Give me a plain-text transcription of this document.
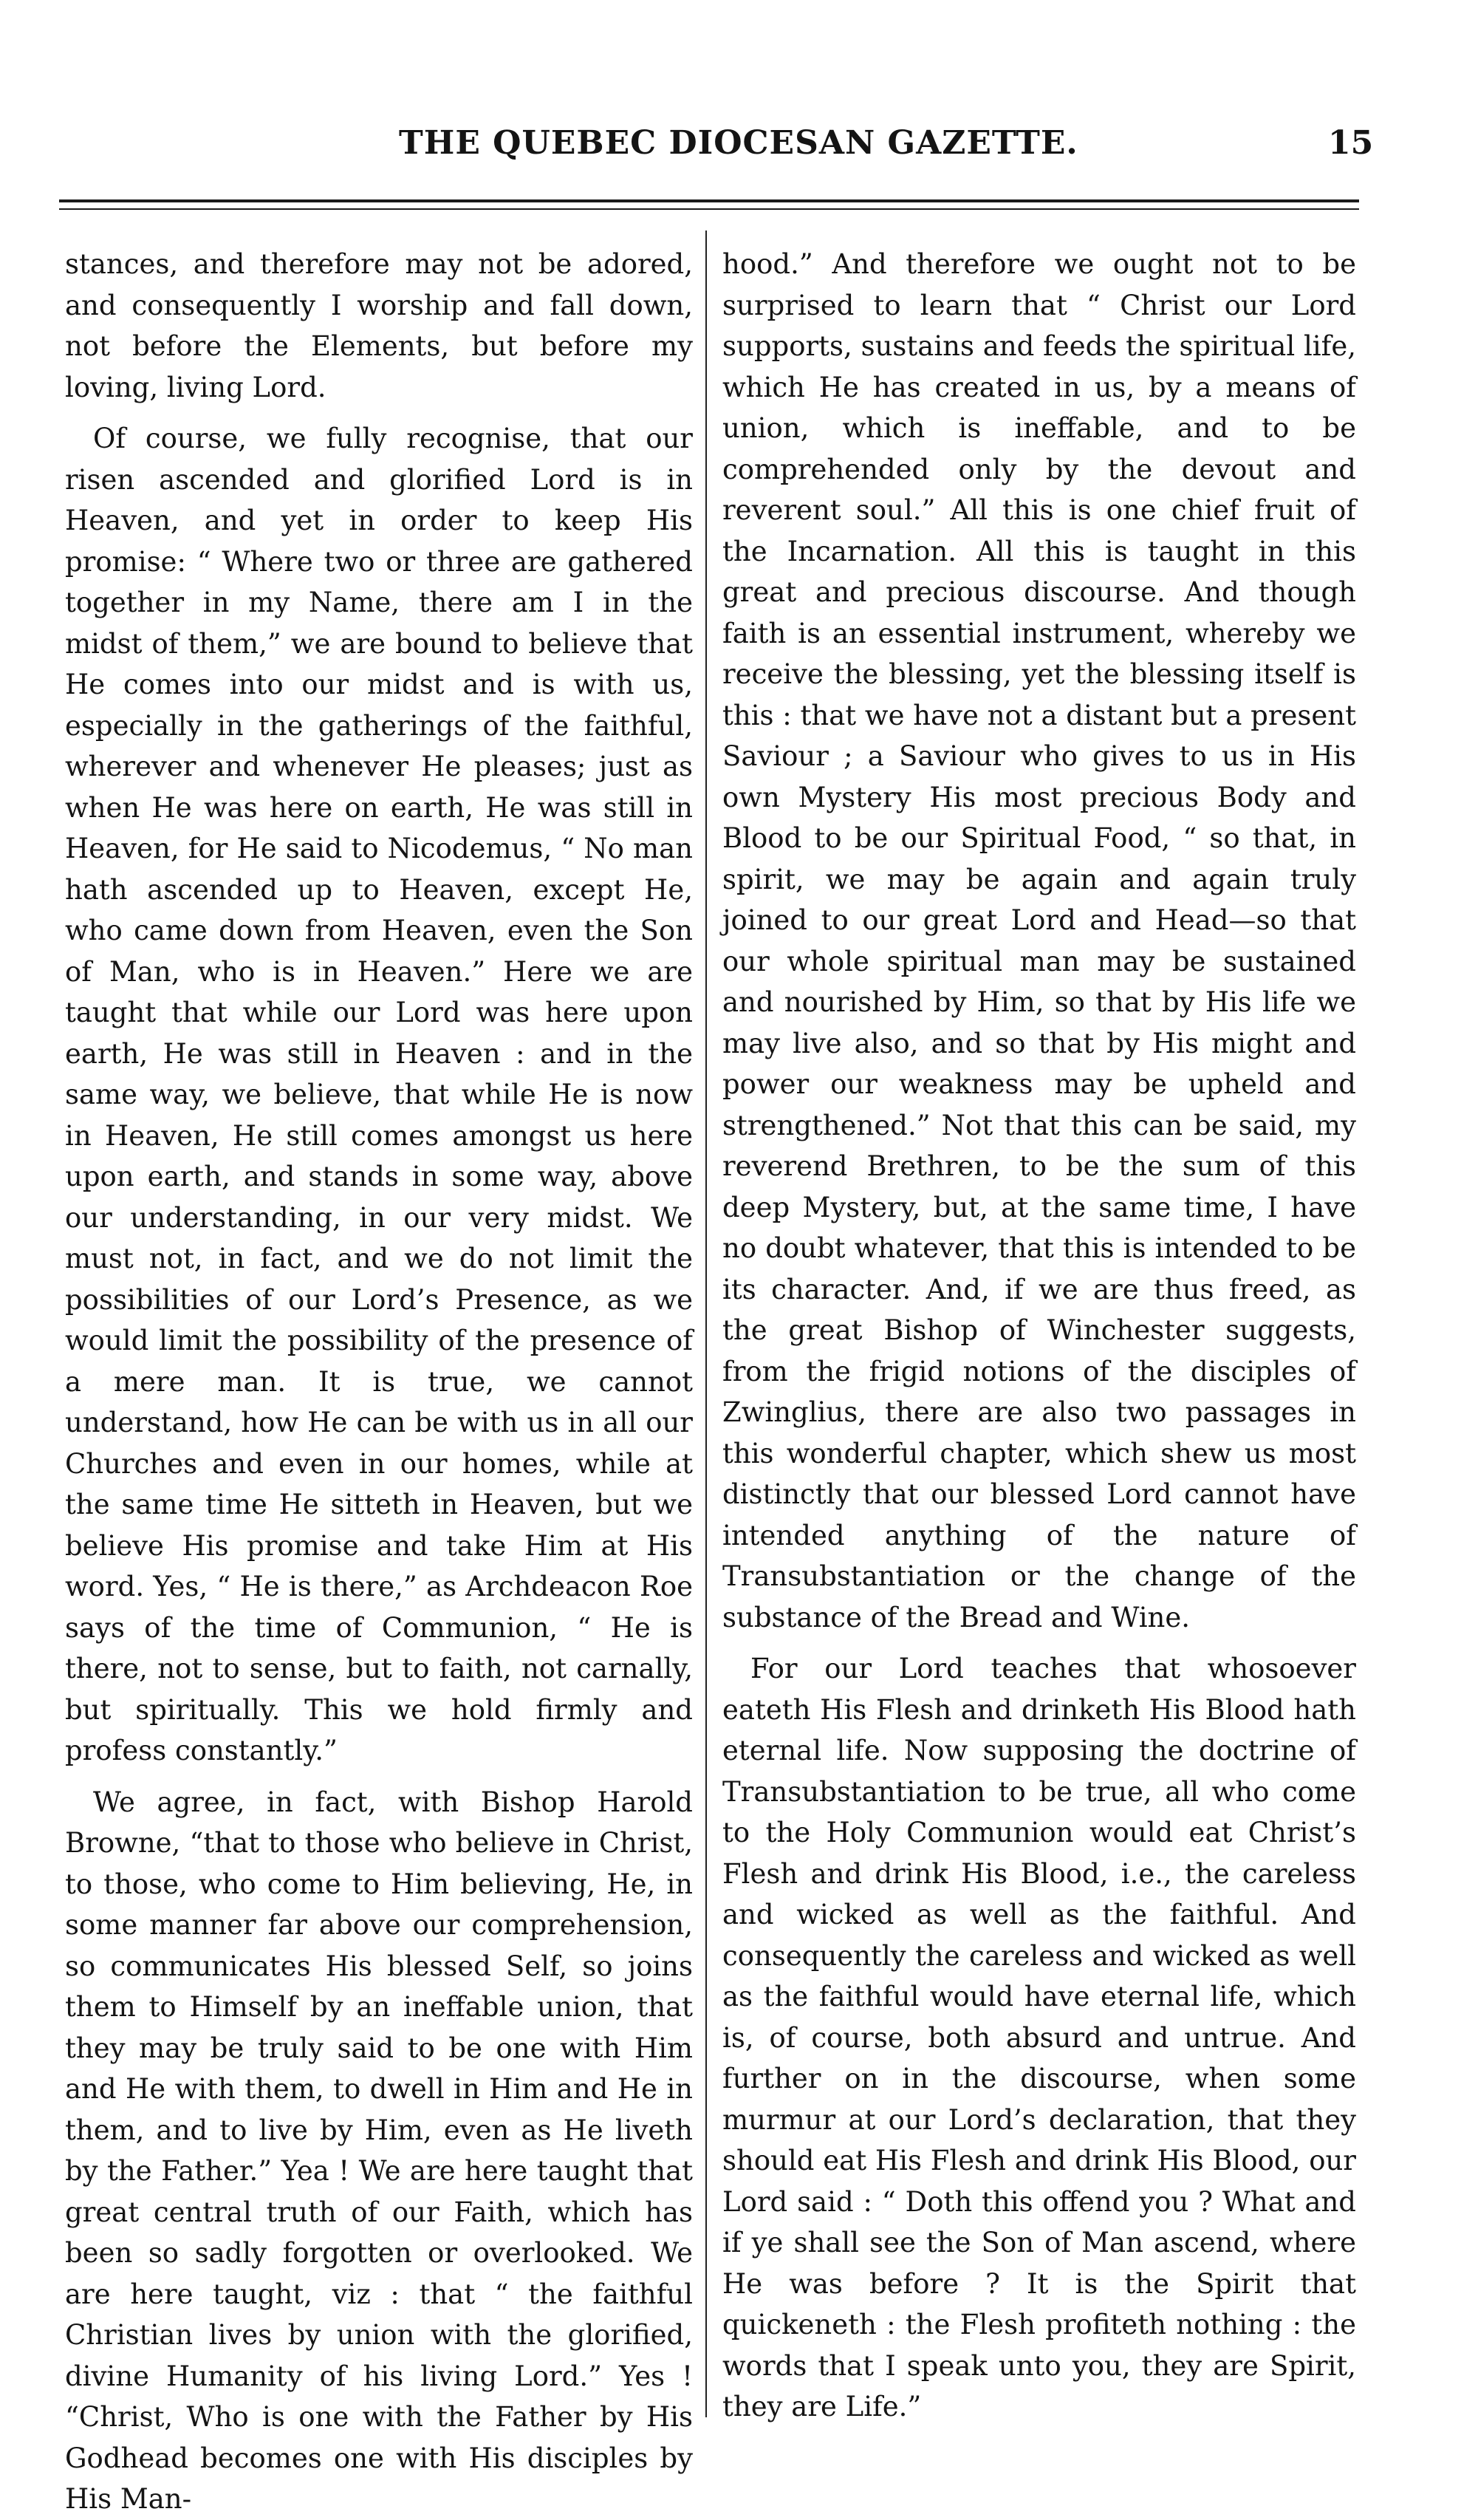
THE QUEBEC DIOCESAN GAZETTE.	15

stances, and therefore may not be adored, and consequently I worship and fall down, not before the Elements, but before my loving, living Lord.

Of course, we fully recognise, that our risen ascended and glorified Lord is in Heaven, and yet in order to keep His promise: “ Where two or three are gathered together in my Name, there am I in the midst of them,” we are bound to believe that He comes into our midst and is with us, especially in the gatherings of the faithful, wherever and whenever He pleases; just as when He was here on earth, He was still in Heaven, for He said to Nicodemus, “ No man hath ascended up to Heaven, except He, who came down from Heaven, even the Son of Man, who is in Heaven.” Here we are taught that while our Lord was here upon earth, He was still in Heaven : and in the same way, we believe, that while He is now in Heaven, He still comes amongst us here upon earth, and stands in some way, above our understanding, in our very midst. We must not, in fact, and we do not limit the possibilities of our Lord’s Presence, as we would limit the possibility of the presence of a mere man. It is true, we cannot understand, how He can be with us in all our Churches and even in our homes, while at the same time He sitteth in Heaven, but we believe His promise and take Him at His word. Yes, “ He is there,” as Archdeacon Roe says of the time of Communion, “ He is there, not to sense, but to faith, not carnally, but spiritually. This we hold firmly and profess constantly.”

We agree, in fact, with Bishop Harold Browne, “that to those who believe in Christ, to those, who come to Him believing, He, in some manner far above our comprehension, so communicates His blessed Self, so joins them to Himself by an ineffable union, that they may be truly said to be one with Him and He with them, to dwell in Him and He in them, and to live by Him, even as He liveth by the Father.” Yea ! We are here taught that great central truth of our Faith, which has been so sadly forgotten or overlooked. We are here taught, viz : that “ the faithful Christian lives by union with the glorified, divine Humanity of his living Lord.” Yes ! “Christ, Who is one with the Father by His Godhead becomes one with His disciples by His Man-

hood.” And therefore we ought not to be surprised to learn that “ Christ our Lord supports, sustains and feeds the spiritual life, which He has created in us, by a means of union, which is ineffable, and to be comprehended only by the devout and reverent soul.” All this is one chief fruit of the Incarnation. All this is taught in this great and precious discourse. And though faith is an essential instrument, whereby we receive the blessing, yet the blessing itself is this : that we have not a distant but a present Saviour ; a Saviour who gives to us in His own Mystery His most precious Body and Blood to be our Spiritual Food, “ so that, in spirit, we may be again and again truly joined to our great Lord and Head—so that our whole spiritual man may be sustained and nourished by Him, so that by His life we may live also, and so that by His might and power our weakness may be upheld and strengthened.” Not that this can be said, my reverend Brethren, to be the sum of this deep Mystery, but, at the same time, I have no doubt whatever, that this is intended to be its character. And, if we are thus freed, as the great Bishop of Winchester suggests, from the frigid notions of the disciples of Zwinglius, there are also two passages in this wonderful chapter, which shew us most distinctly that our blessed Lord cannot have intended anything of the nature of Transubstantiation or the change of the substance of the Bread and Wine.

For our Lord teaches that whosoever eateth His Flesh and drinketh His Blood hath eternal life. Now supposing the doctrine of Transubstantiation to be true, all who come to the Holy Communion would eat Christ’s Flesh and drink His Blood, i.e., the careless and wicked as well as the faithful. And consequently the careless and wicked as well as the faithful would have eternal life, which is, of course, both absurd and untrue. And further on in the discourse, when some murmur at our Lord’s declaration, that they should eat His Flesh and drink His Blood, our Lord said : “ Doth this offend you ? What and if ye shall see the Son of Man ascend, where He was before ? It is the Spirit that quickeneth : the Flesh profiteth nothing : the words that I speak unto you, they are Spirit, they are Life.”
